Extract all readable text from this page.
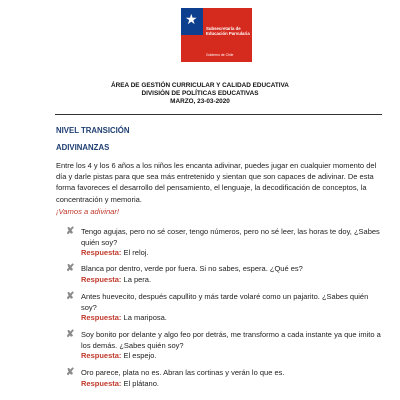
★
Subsecretaría de Educación Parvularia
Gobierno de Chile
ÁREA DE GESTIÓN CURRICULAR Y CALIDAD EDUCATIVA
DIVISIÓN DE POLÍTICAS EDUCATIVAS
MARZO, 23-03-2020
NIVEL TRANSICIÓN
ADIVINANZAS
Entre los 4 y los 6 años a los niños les encanta adivinar, puedes jugar en cualquier momento del día y darle pistas para que sea más entretenido y sientan que son capaces de adivinar. De esta forma favoreces el desarrollo del pensamiento, el lenguaje, la decodificación de conceptos, la concentración y memoria.
¡Vamos a adivinar!
✘ Tengo agujas, pero no sé coser, tengo números, pero no sé leer, las horas te doy, ¿Sabes quién soy?
Respuesta: El reloj.
✘ Blanca por dentro, verde por fuera. Si no sabes, espera. ¿Qué es?
Respuesta: La pera.
✘ Antes huevecito, después capullito y más tarde volaré como un pajarito. ¿Sabes quién soy?
Respuesta: La mariposa.
✘ Soy bonito por delante y algo feo por detrás, me transformo a cada instante ya que imito a los demás. ¿Sabes quién soy?
Respuesta: El espejo.
✘ Oro parece, plata no es. Abran las cortinas y verán lo que es.
Respuesta: El plátano.
